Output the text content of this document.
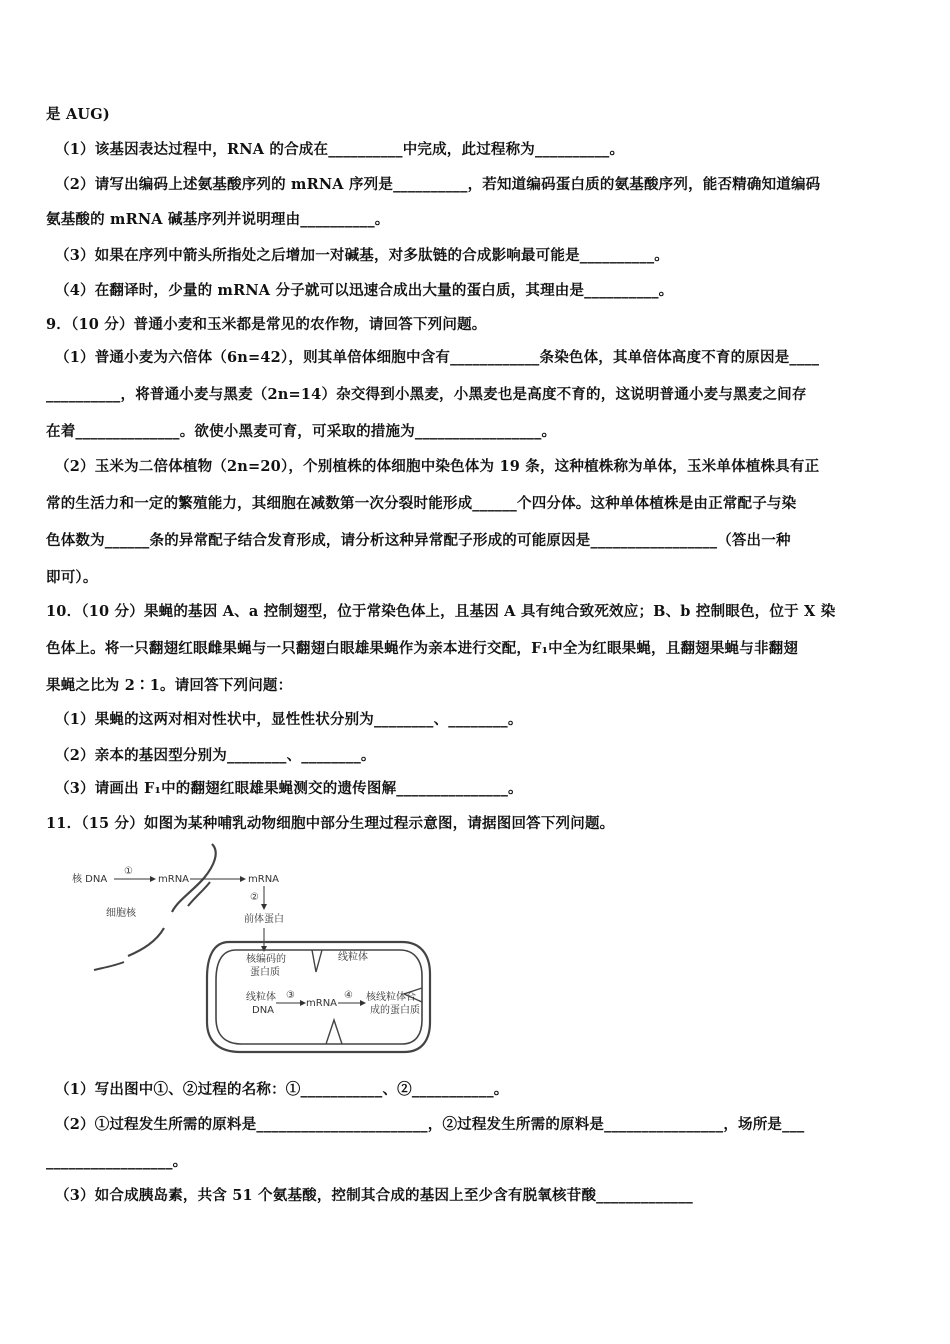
是 AUG)
（1）该基因表达过程中，RNA 的合成在__________中完成，此过程称为__________。
（2）请写出编码上述氨基酸序列的 mRNA 序列是__________，若知道编码蛋白质的氨基酸序列，能否精确知道编码
氨基酸的 mRNA 碱基序列并说明理由__________。
（3）如果在序列中箭头所指处之后增加一对碱基，对多肽链的合成影响最可能是__________。
（4）在翻译时，少量的 mRNA 分子就可以迅速合成出大量的蛋白质，其理由是__________。
9．（10 分）普通小麦和玉米都是常见的农作物，请回答下列问题。
（1）普通小麦为六倍体（6n=42），则其单倍体细胞中含有____________条染色体，其单倍体高度不育的原因是____
__________，将普通小麦与黑麦（2n=14）杂交得到小黑麦，小黑麦也是高度不育的，这说明普通小麦与黑麦之间存
在着______________。欲使小黑麦可育，可采取的措施为_________________。
（2）玉米为二倍体植物（2n=20），个别植株的体细胞中染色体为 19 条，这种植株称为单体，玉米单体植株具有正
常的生活力和一定的繁殖能力，其细胞在减数第一次分裂时能形成______个四分体。这种单体植株是由正常配子与染
色体数为______条的异常配子结合发育形成，请分析这种异常配子形成的可能原因是_________________（答出一种
即可）。
10．（10 分）果蝇的基因 A、a 控制翅型，位于常染色体上，且基因 A 具有纯合致死效应；B、b 控制眼色，位于 X 染
色体上。将一只翻翅红眼雌果蝇与一只翻翅白眼雄果蝇作为亲本进行交配，F₁中全为红眼果蝇，且翻翅果蝇与非翻翅
果蝇之比为 2∶1。请回答下列问题：
（1）果蝇的这两对相对性状中，显性性状分别为________、________。
（2）亲本的基因型分别为________、________。
（3）请画出 F₁中的翻翅红眼雄果蝇测交的遗传图解_______________。
11．（15 分）如图为某种哺乳动物细胞中部分生理过程示意图，请据图回答下列问题。
核 DNA
①
mRNA	mRNA
细胞核
②
前体蛋白
核编码的
蛋白质
线粒体
线粒体
DNA
③
mRNA
④ 核线粒体合
成的蛋白质
（1）写出图中①、②过程的名称：①___________、②___________。
（2）①过程发生所需的原料是_______________________，②过程发生所需的原料是________________，场所是___
_________________。
（3）如合成胰岛素，共含 51 个氨基酸，控制其合成的基因上至少含有脱氧核苷酸_____________
